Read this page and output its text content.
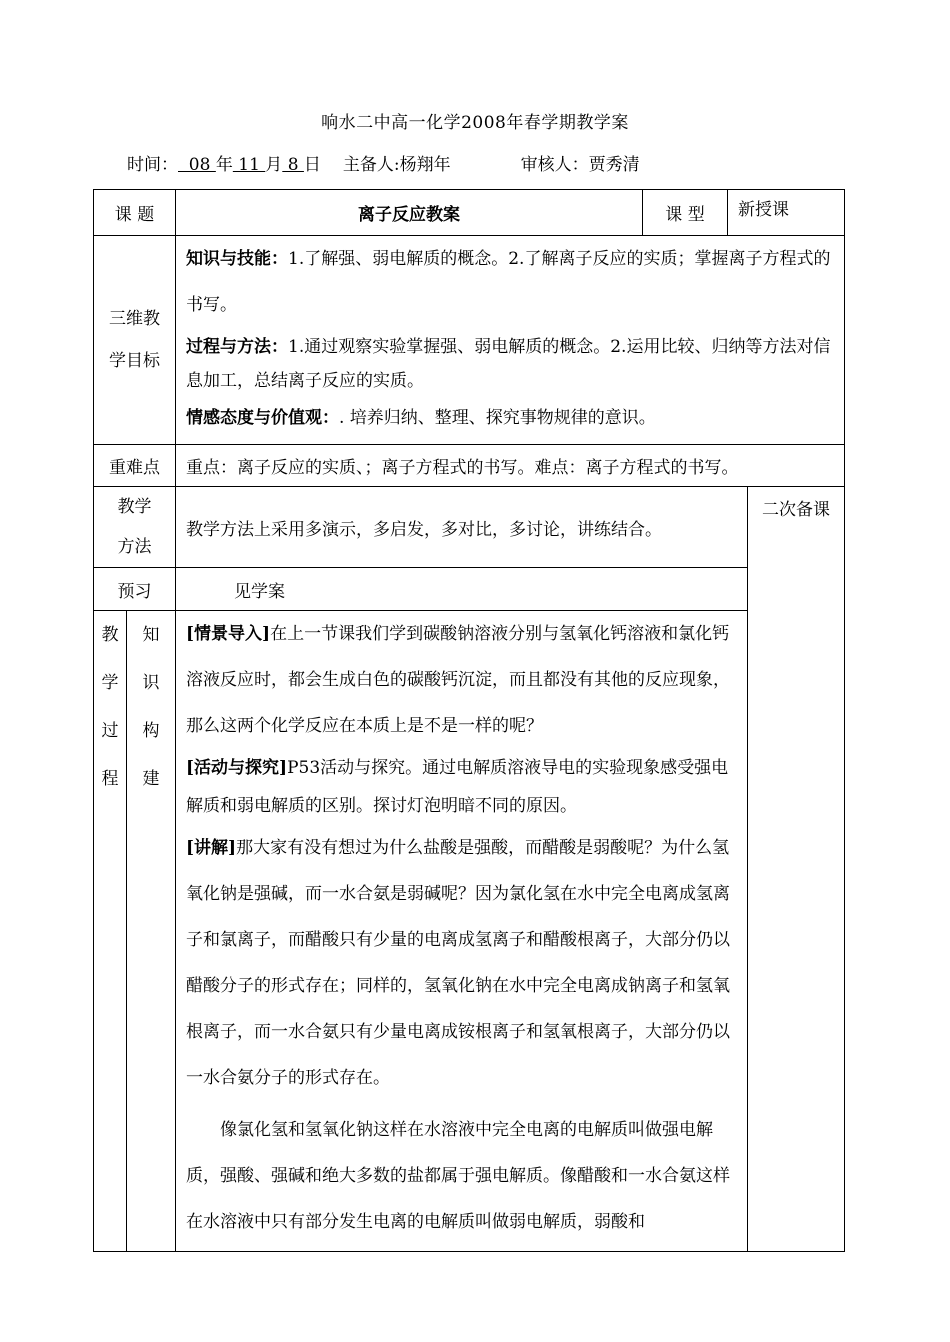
响水二中高一化学2008年春学期教学案
时间：  08 年 11 月 8 日 主备人:杨翔年	审核人：贾秀清
课 题		离子反应教案	课 型	新授课	
三维教学目标		知识与技能：1.了解强、弱电解质的概念。2.了解离子反应的实质；掌握离子方程式的书写。

过程与方法：1.通过观察实验掌握强、弱电解质的概念。2.运用比较、归纳等方法对信息加工，总结离子反应的实质。

情感态度与价值观：. 培养归纳、整理、探究事物规律的意识。			

重难点		重点：离子反应的实质、；离子方程式的书写。难点：离子方程式的书写。			
教学方法		教学方法上采用多演示，多启发，多对比，多讨论，讲练结合。			二次备课
预习		见学案			
教学过程	知识构建	[情景导入]在上一节课我们学到碳酸钠溶液分别与氢氧化钙溶液和氯化钙溶液反应时，都会生成白色的碳酸钙沉淀，而且都没有其他的反应现象，那么这两个化学反应在本质上是不是一样的呢？

[活动与探究]P53活动与探究。通过电解质溶液导电的实验现象感受强电解质和弱电解质的区别。探讨灯泡明暗不同的原因。

[讲解]那大家有没有想过为什么盐酸是强酸，而醋酸是弱酸呢？为什么氢氧化钠是强碱，而一水合氨是弱碱呢？因为氯化氢在水中完全电离成氢离子和氯离子，而醋酸只有少量的电离成氢离子和醋酸根离子，大部分仍以醋酸分子的形式存在；同样的，氢氧化钠在水中完全电离成钠离子和氢氧根离子，而一水合氨只有少量电离成铵根离子和氢氧根离子，大部分仍以一水合氨分子的形式存在。

像氯化氢和氢氧化钠这样在水溶液中完全电离的电解质叫做强电解质，强酸、强碱和绝大多数的盐都属于强电解质。像醋酸和一水合氨这样在水溶液中只有部分发生电离的电解质叫做弱电解质，弱酸和			
